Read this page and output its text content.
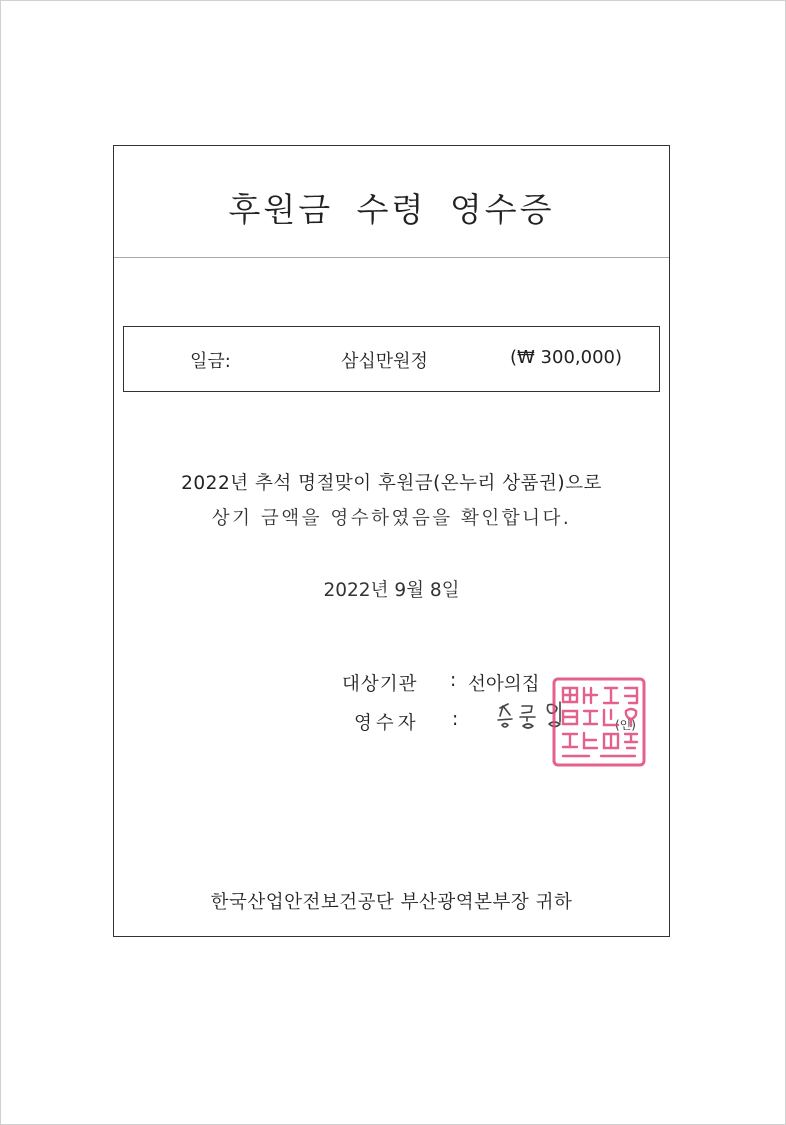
후원금 수령 영수증
일금:	삼십만원정	(₩ 300,000)
2022년 추석 명절맞이 후원금(온누리 상품권)으로
상기 금액을 영수하였음을 확인합니다.
2022년 9월 8일
대상기관 : 선아의집
영수자 :	(인)
한국산업안전보건공단 부산광역본부장 귀하
